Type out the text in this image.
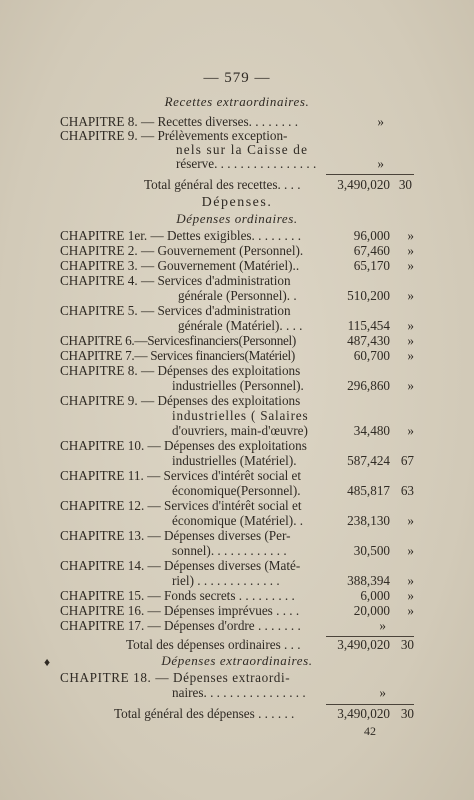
— 579 —
Recettes extraordinaires.
CHAPITRE 8. — Recettes diverses. . . . . . . .	»
CHAPITRE 9. — Prélèvements exception-
nels sur la Caisse de
réserve. . . . . . . . . . . . . . . .	»
Total général des recettes. . . .	3,490,020 30
Dépenses.
Dépenses ordinaires.
CHAPITRE 1er. — Dettes exigibles. . . . . . . .	96,000	»
CHAPITRE 2. — Gouvernement (Personnel).	67,460	»
CHAPITRE 3. — Gouvernement (Matériel)..	65,170	»
CHAPITRE 4. — Services d'administration
générale (Personnel). .	510,200	»
CHAPITRE 5. — Services d'administration
générale (Matériel). . . .	115,454	»
CHAPITRE 6.—Servicesfinanciers(Personnel)	487,430	»
CHAPITRE 7.— Services financiers(Matériel)	60,700	»
CHAPITRE 8. — Dépenses des exploitations
industrielles (Personnel).	296,860	»
CHAPITRE 9. — Dépenses des exploitations
industrielles ( Salaires
d'ouvriers, main-d'œuvre)	34,480	»
CHAPITRE 10. — Dépenses des exploitations
industrielles (Matériel).	587,424 67
CHAPITRE 11. — Services d'intérêt social et
économique(Personnel).	485,817 63
CHAPITRE 12. — Services d'intérêt social et
économique (Matériel). .	238,130	»
CHAPITRE 13. — Dépenses diverses (Per-
sonnel). . . . . . . . . . . .	30,500	»
CHAPITRE 14. — Dépenses diverses (Maté-
riel) . . . . . . . . . . . . .	388,394	»
CHAPITRE 15. — Fonds secrets . . . . . . . . .	6,000	»
CHAPITRE 16. — Dépenses imprévues . . . .	20,000	»
CHAPITRE 17. — Dépenses d'ordre . . . . . . .	»
Total des dépenses ordinaires . . .	3,490,020 30
Dépenses extraordinaires.
♦
CHAPITRE 18. — Dépenses extraordi-
naires. . . . . . . . . . . . . . . .	»
Total général des dépenses . . . . . .	3,490,020 30
42
